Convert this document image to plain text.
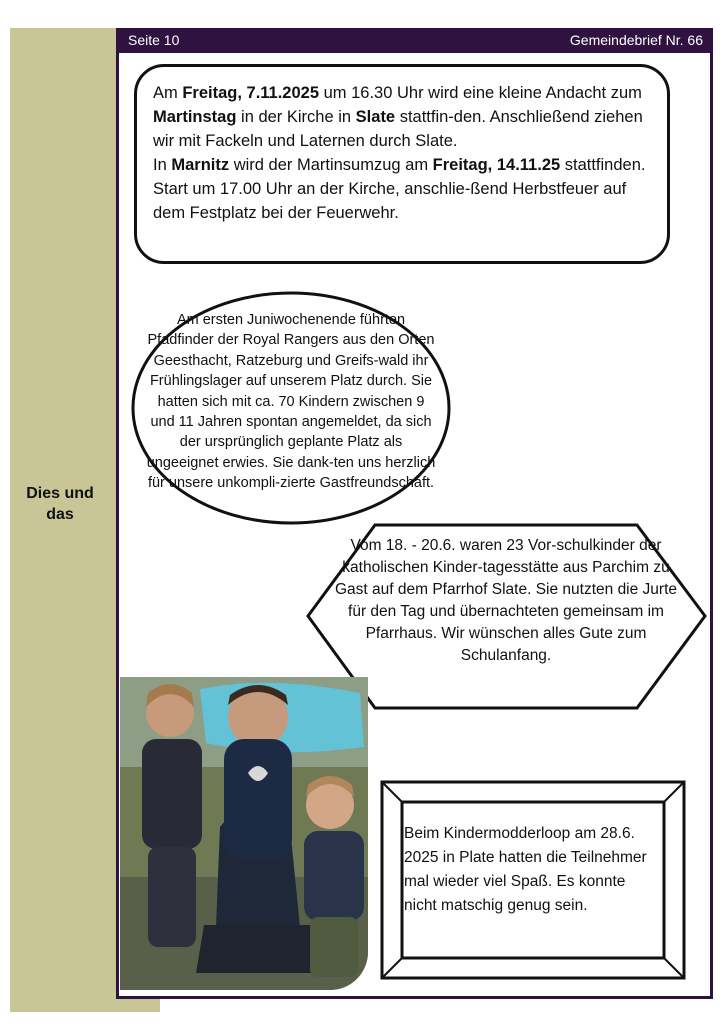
Dies und
das
Seite 10	Gemeindebrief Nr. 66

Am Freitag, 7.11.2025 um 16.30 Uhr wird eine kleine Andacht zum Martinstag in der Kirche in Slate stattfin-den. Anschließend ziehen wir mit Fackeln und Laternen durch Slate.

In Marnitz wird der Martinsumzug am Freitag, 14.11.25 stattfinden. Start um 17.00 Uhr an der Kirche, anschlie-ßend Herbstfeuer auf dem Festplatz bei der Feuerwehr.

Am ersten Juniwochenende führten Pfadfinder der Royal Rangers aus den Orten Geesthacht, Ratzeburg und Greifs-wald ihr Frühlingslager auf unserem Platz durch. Sie hatten sich mit ca. 70 Kindern zwischen 9 und 11 Jahren spontan angemeldet, da sich der ursprünglich geplante Platz als ungeeignet erwies. Sie dank-ten uns herzlich für unsere unkompli-zierte Gastfreundschaft.
Vom 18. - 20.6. waren 23 Vor-schulkinder der katholischen Kinder-tagesstätte aus Parchim zu Gast auf dem Pfarrhof Slate. Sie nutzten die Jurte für den Tag und übernachteten gemeinsam im Pfarrhaus. Wir wünschen alles Gute zum Schulanfang.
Beim Kindermodderloop am 28.6. 2025 in Plate hatten die Teilnehmer mal wieder viel Spaß. Es konnte nicht matschig genug sein.
